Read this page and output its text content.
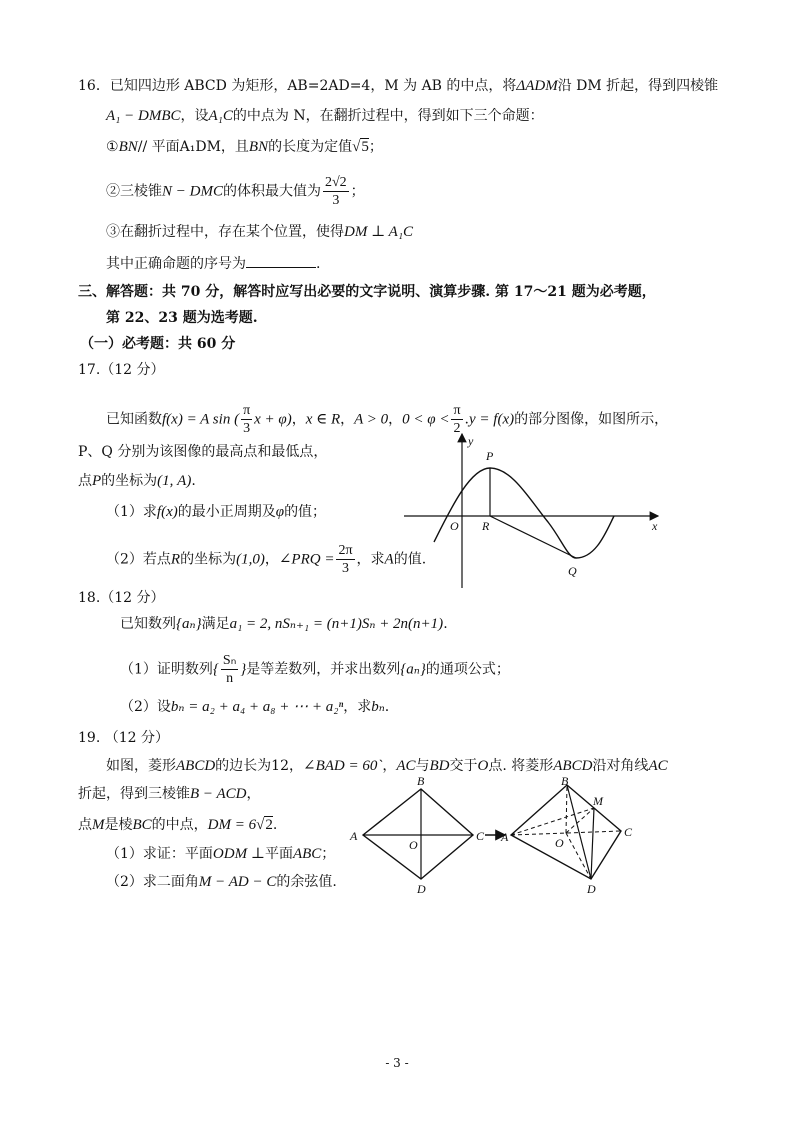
16．已知四边形 ABCD 为矩形，AB=2AD=4，M 为 AB 的中点，将ΔADM沿 DM 折起，得到四棱锥
A₁ − DMBC，设A₁C的中点为 N，在翻折过程中，得到如下三个命题：
①BN// 平面A₁DM，且BN的长度为定值√5；
②三棱锥N − DMC的体积最大值为 $\frac{2√2}{3}$ ；
③在翻折过程中，存在某个位置，使得DM ⊥ A₁C
其中正确命题的序号为	.
三、解答题：共 70 分，解答时应写出必要的文字说明、演算步骤. 第 17～21 题为必考题，
第 22、23 题为选考题.
（一）必考题：共 60 分
17.（12 分）
已知函数f(x) = A sin ( $\frac{\pi}{3}$ x + φ)，x ∈ R，A > 0，$0 < \varphi < \frac{\pi}{2} .y = f(x)$的部分图像，如图所示，
P、Q 分别为该图像的最高点和最低点，
点P的坐标为(1, A).
（1）求f(x)的最小正周期及φ的值；
（2）若点R的坐标为(1,0)，∠PRQ = $\frac{2\pi}{3}$ ，求A的值.
y
x
O
P
R
Q
18.（12 分）
已知数列{aₙ}满足a₁ = 2, nSₙ₊₁ = (n+1)Sₙ + 2n(n+1).
（1）证明数列{ $\frac{\text{Sₙ}}{n}$ }是等差数列，并求出数列{aₙ}的通项公式；
（2）设bₙ = a₂ + a₄ + a₈ + ⋯ + a₂ⁿ，求bₙ.
19. （12 分）
如图，菱形ABCD的边长为12，∠BAD = 60`，AC与BD交于O点. 将菱形ABCD沿对角线AC
折起，得到三棱锥B − ACD，
点M是棱BC的中点，DM = 6√2.
（1）求证：平面ODM ⊥平面ABC；
（2）求二面角M − AD − C的余弦值.
A
B
C
D
O
A
B
C
D
O
M
- 3 -
